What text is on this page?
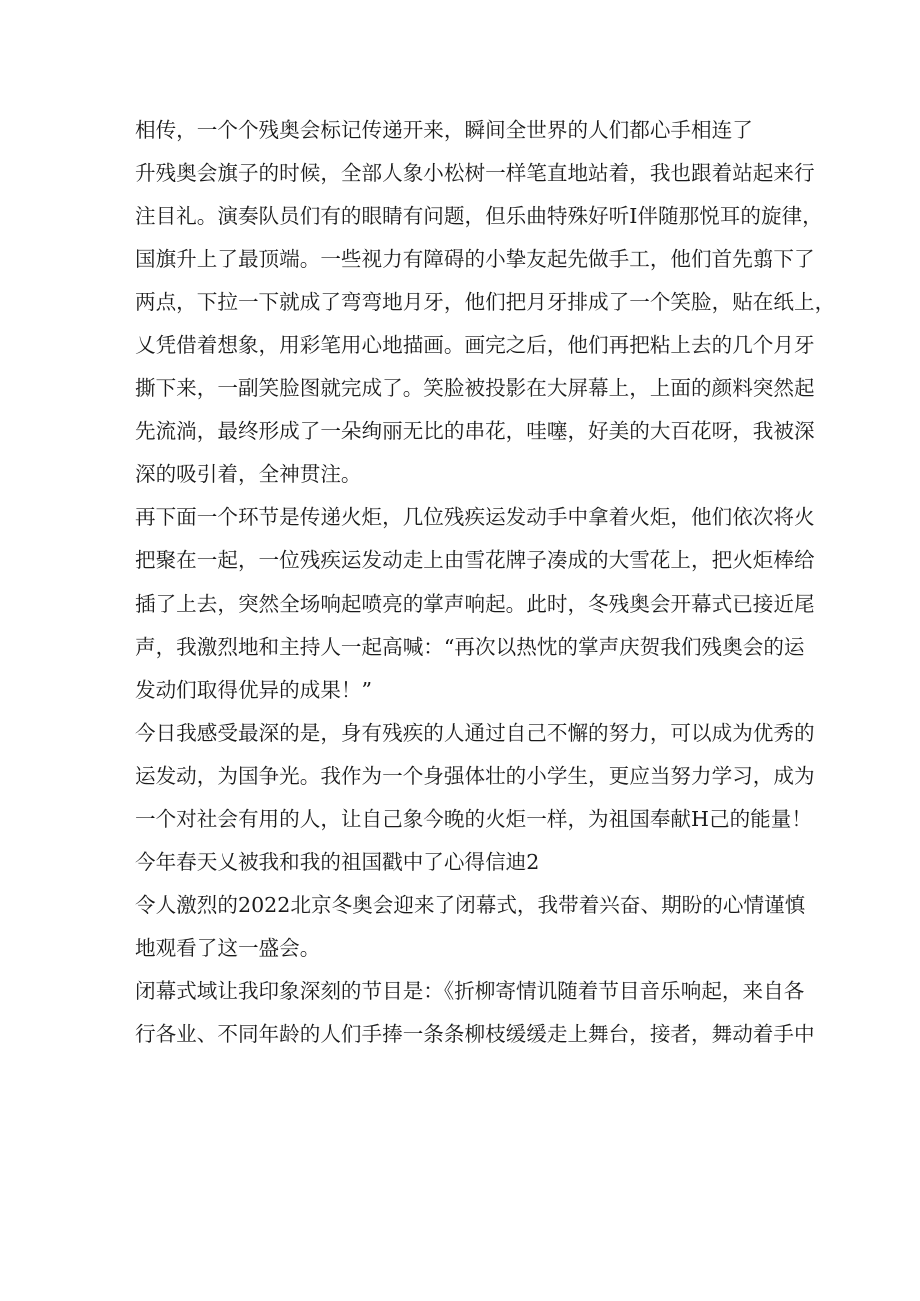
相传，一个个残奥会标记传递开来，瞬间全世界的人们都心手相连了
升残奥会旗子的时候，全部人象小松树一样笔直地站着，我也跟着站起来行
注目礼。演奏队员们有的眼睛有问题，但乐曲特殊好听I伴随那悦耳的旋律，
国旗升上了最顶端。一些视力有障碍的小挚友起先做手工，他们首先翦下了
两点，下拉一下就成了弯弯地月牙，他们把月牙排成了一个笑脸，贴在纸上，
乂凭借着想象，用彩笔用心地描画。画完之后，他们再把粘上去的几个月牙
撕下来，一副笑脸图就完成了。笑脸被投影在大屏幕上，上面的颜料突然起
先流淌，最终形成了一朵绚丽无比的串花，哇噻，好美的大百花呀，我被深
深的吸引着，全神贯注。
再下面一个环节是传递火炬，几位残疾运发动手中拿着火炬，他们依次将火
把聚在一起，一位残疾运发动走上由雪花牌子凑成的大雪花上，把火炬棒给
插了上去，突然全场响起喷亮的掌声响起。此时，冬残奥会开幕式已接近尾
声，我激烈地和主持人一起高喊：“再次以热忱的掌声庆贺我们残奥会的运
发动们取得优异的成果！”
今日我感受最深的是，身有残疾的人通过自己不懈的努力，可以成为优秀的
运发动，为国争光。我作为一个身强体壮的小学生，更应当努力学习，成为
一个对社会有用的人，让自己象今晚的火炬一样，为祖国奉献H己的能量！
今年春天乂被我和我的祖国戳中了心得信迪2
令人激烈的2022北京冬奥会迎来了闭幕式，我带着兴奋、期盼的心情谨慎
地观看了这一盛会。
闭幕式域让我印象深刻的节目是：《折柳寄情讥随着节目音乐响起，来自各
行各业、不同年龄的人们手捧一条条柳枝缓缓走上舞台，接者，舞动着手中
